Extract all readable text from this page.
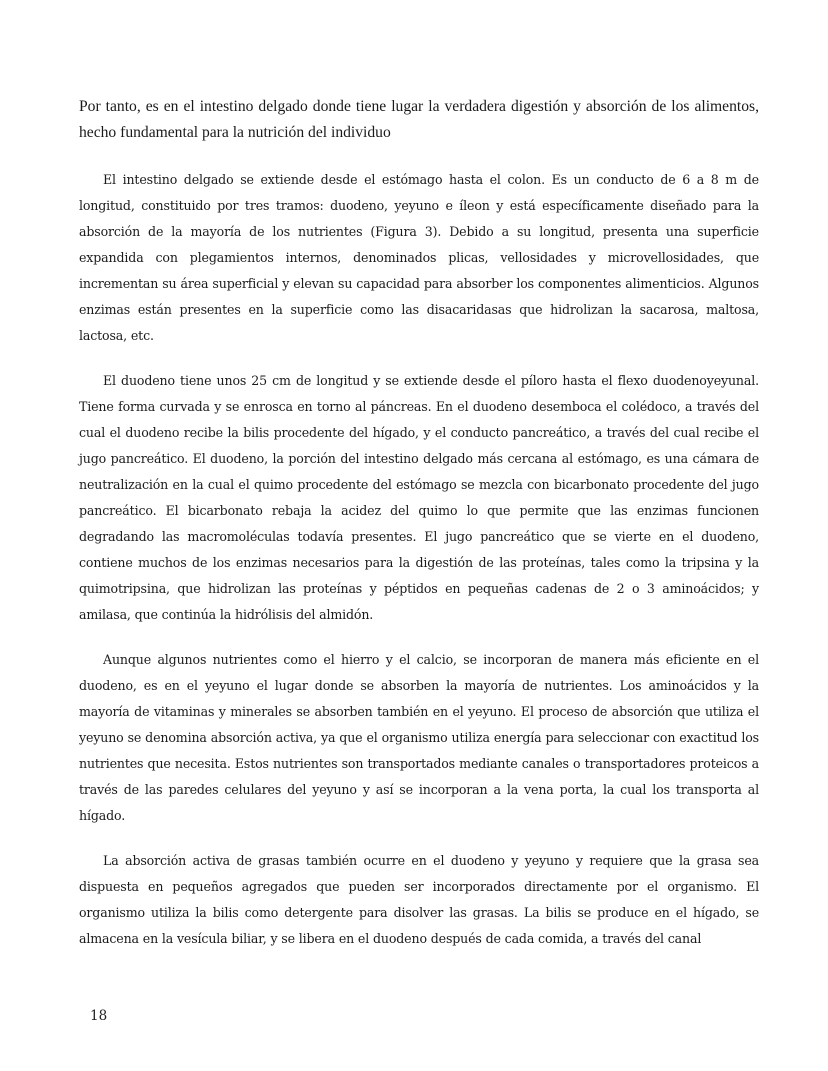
Por tanto, es en el intestino delgado donde tiene lugar la verdadera digestión y absorción de los alimentos, hecho fundamental para la nutrición del individuo

El intestino delgado se extiende desde el estómago hasta el colon. Es un conducto de 6 a 8 m de longitud, constituido por tres tramos: duodeno, yeyuno e íleon y está específicamente diseñado para la absorción de la mayoría de los nutrientes (Figura 3). Debido a su longitud, presenta una superficie expandida con plegamientos internos, denominados plicas, vellosidades y microvellosidades, que incrementan su área superficial y elevan su capacidad para absorber los componentes alimenticios. Algunos enzimas están presentes en la superficie como las disacaridasas que hidrolizan la sacarosa, maltosa, lactosa, etc.

El duodeno tiene unos 25 cm de longitud y se extiende desde el píloro hasta el flexo duodenoyeyunal. Tiene forma curvada y se enrosca en torno al páncreas. En el duodeno desemboca el colédoco, a través del cual el duodeno recibe la bilis procedente del hígado, y el conducto pancreático, a través del cual recibe el jugo pancreático. El duodeno, la porción del intestino delgado más cercana al estómago, es una cámara de neutralización en la cual el quimo procedente del estómago se mezcla con bicarbonato procedente del jugo pancreático. El bicarbonato rebaja la acidez del quimo lo que permite que las enzimas funcionen degradando las macromoléculas todavía presentes. El jugo pancreático que se vierte en el duodeno, contiene muchos de los enzimas necesarios para la digestión de las proteínas, tales como la tripsina y la quimotripsina, que hidrolizan las proteínas y péptidos en pequeñas cadenas de 2 o 3 aminoácidos; y amilasa, que continúa la hidrólisis del almidón.

Aunque algunos nutrientes como el hierro y el calcio, se incorporan de manera más eficiente en el duodeno, es en el yeyuno el lugar donde se absorben la mayoría de nutrientes. Los aminoácidos y la mayoría de vitaminas y minerales se absorben también en el yeyuno. El proceso de absorción que utiliza el yeyuno se denomina absorción activa, ya que el organismo utiliza energía para seleccionar con exactitud los nutrientes que necesita. Estos nutrientes son transportados mediante canales o transportadores proteicos a través de las paredes celulares del yeyuno y así se incorporan a la vena porta, la cual los transporta al hígado.

La absorción activa de grasas también ocurre en el duodeno y yeyuno y requiere que la grasa sea dispuesta en pequeños agregados que pueden ser incorporados directamente por el organismo. El organismo utiliza la bilis como detergente para disolver las grasas. La bilis se produce en el hígado, se almacena en la vesícula biliar, y se libera en el duodeno después de cada comida, a través del canal

18
